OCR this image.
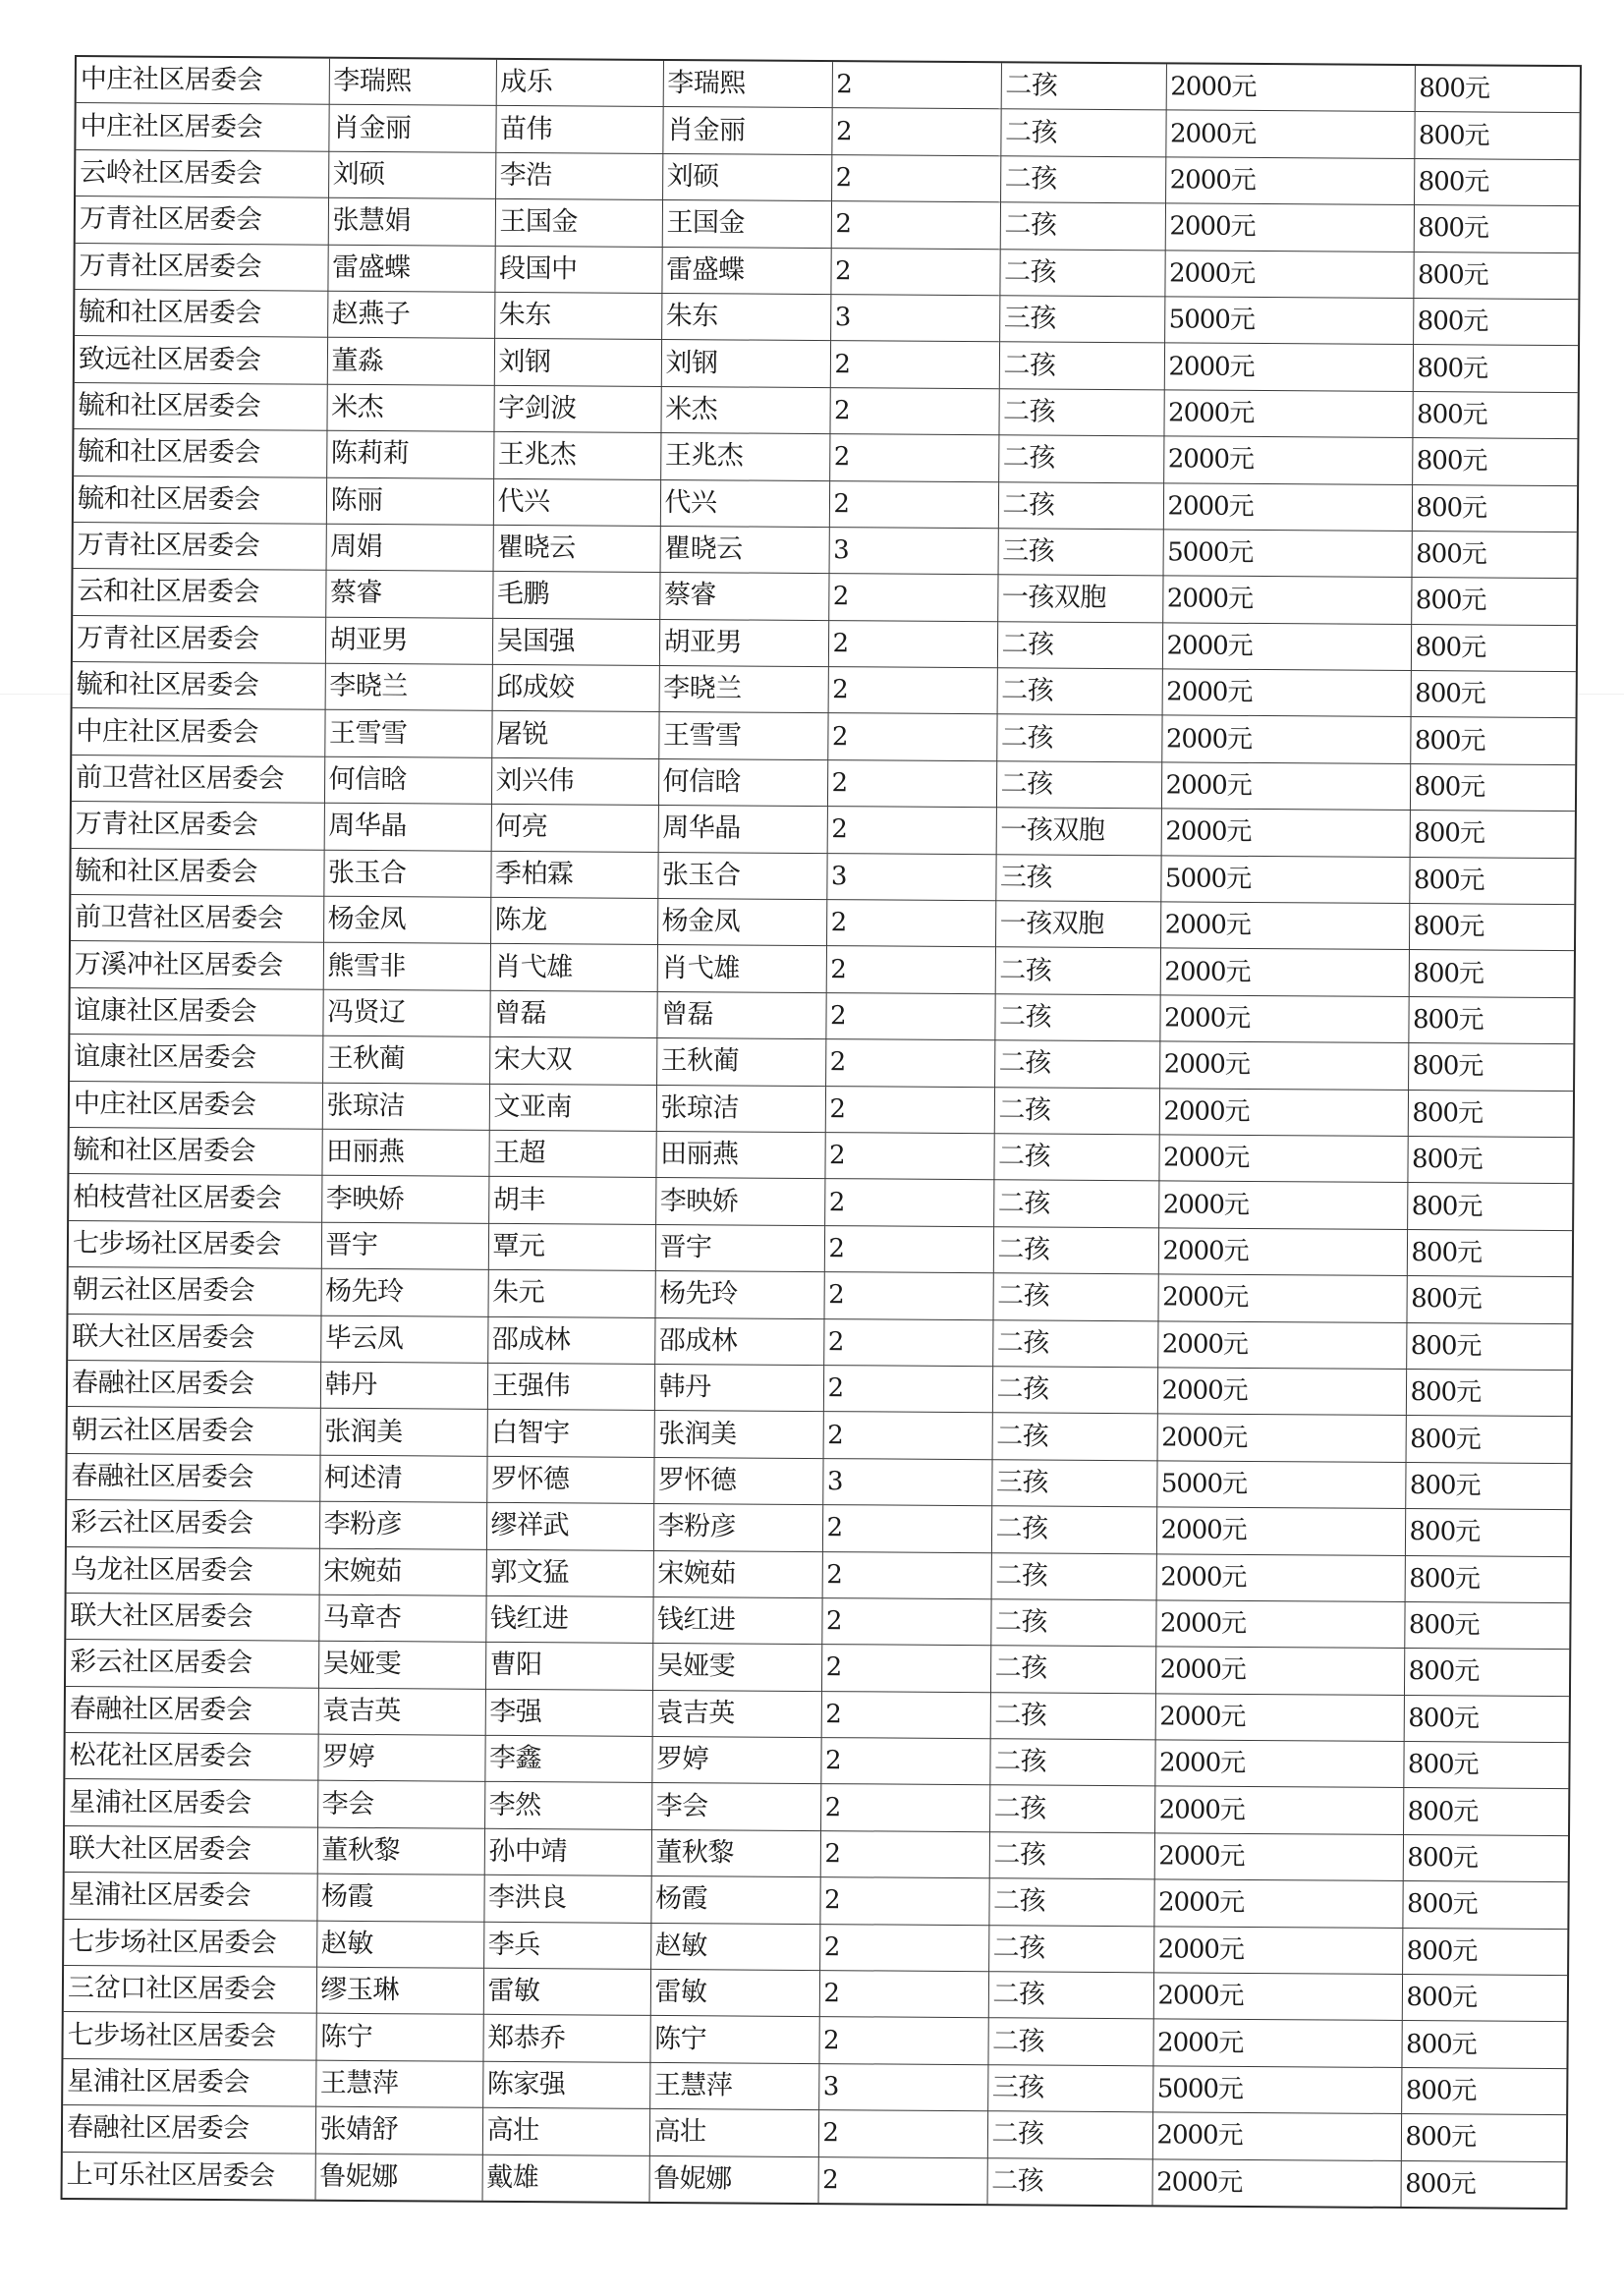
中庄社区居委会	李瑞熙	成乐	李瑞熙	2	二孩	2000元	800元
中庄社区居委会	肖金丽	苗伟	肖金丽	2	二孩	2000元	800元
云岭社区居委会	刘硕	李浩	刘硕	2	二孩	2000元	800元
万青社区居委会	张慧娟	王国金	王国金	2	二孩	2000元	800元
万青社区居委会	雷盛蝶	段国中	雷盛蝶	2	二孩	2000元	800元
毓和社区居委会	赵燕子	朱东	朱东	3	三孩	5000元	800元
致远社区居委会	董淼	刘钢	刘钢	2	二孩	2000元	800元
毓和社区居委会	米杰	字剑波	米杰	2	二孩	2000元	800元
毓和社区居委会	陈莉莉	王兆杰	王兆杰	2	二孩	2000元	800元
毓和社区居委会	陈丽	代兴	代兴	2	二孩	2000元	800元
万青社区居委会	周娟	瞿晓云	瞿晓云	3	三孩	5000元	800元
云和社区居委会	蔡睿	毛鹏	蔡睿	2	一孩双胞	2000元	800元
万青社区居委会	胡亚男	吴国强	胡亚男	2	二孩	2000元	800元
毓和社区居委会	李晓兰	邱成姣	李晓兰	2	二孩	2000元	800元
中庄社区居委会	王雪雪	屠锐	王雪雪	2	二孩	2000元	800元
前卫营社区居委会	何信晗	刘兴伟	何信晗	2	二孩	2000元	800元
万青社区居委会	周华晶	何亮	周华晶	2	一孩双胞	2000元	800元
毓和社区居委会	张玉合	季柏霖	张玉合	3	三孩	5000元	800元
前卫营社区居委会	杨金凤	陈龙	杨金凤	2	一孩双胞	2000元	800元
万溪冲社区居委会	熊雪非	肖弋雄	肖弋雄	2	二孩	2000元	800元
谊康社区居委会	冯贤辽	曾磊	曾磊	2	二孩	2000元	800元
谊康社区居委会	王秋蔺	宋大双	王秋蔺	2	二孩	2000元	800元
中庄社区居委会	张琼洁	文亚南	张琼洁	2	二孩	2000元	800元
毓和社区居委会	田丽燕	王超	田丽燕	2	二孩	2000元	800元
柏枝营社区居委会	李映娇	胡丰	李映娇	2	二孩	2000元	800元
七步场社区居委会	晋宇	覃元	晋宇	2	二孩	2000元	800元
朝云社区居委会	杨先玲	朱元	杨先玲	2	二孩	2000元	800元
联大社区居委会	毕云凤	邵成林	邵成林	2	二孩	2000元	800元
春融社区居委会	韩丹	王强伟	韩丹	2	二孩	2000元	800元
朝云社区居委会	张润美	白智宇	张润美	2	二孩	2000元	800元
春融社区居委会	柯述清	罗怀德	罗怀德	3	三孩	5000元	800元
彩云社区居委会	李粉彦	缪祥武	李粉彦	2	二孩	2000元	800元
乌龙社区居委会	宋婉茹	郭文猛	宋婉茹	2	二孩	2000元	800元
联大社区居委会	马章杏	钱红进	钱红进	2	二孩	2000元	800元
彩云社区居委会	吴娅雯	曹阳	吴娅雯	2	二孩	2000元	800元
春融社区居委会	袁吉英	李强	袁吉英	2	二孩	2000元	800元
松花社区居委会	罗婷	李鑫	罗婷	2	二孩	2000元	800元
星浦社区居委会	李会	李然	李会	2	二孩	2000元	800元
联大社区居委会	董秋黎	孙中靖	董秋黎	2	二孩	2000元	800元
星浦社区居委会	杨霞	李洪良	杨霞	2	二孩	2000元	800元
七步场社区居委会	赵敏	李兵	赵敏	2	二孩	2000元	800元
三岔口社区居委会	缪玉琳	雷敏	雷敏	2	二孩	2000元	800元
七步场社区居委会	陈宁	郑恭乔	陈宁	2	二孩	2000元	800元
星浦社区居委会	王慧萍	陈家强	王慧萍	3	三孩	5000元	800元
春融社区居委会	张婧舒	高壮	高壮	2	二孩	2000元	800元
上可乐社区居委会	鲁妮娜	戴雄	鲁妮娜	2	二孩	2000元	800元
